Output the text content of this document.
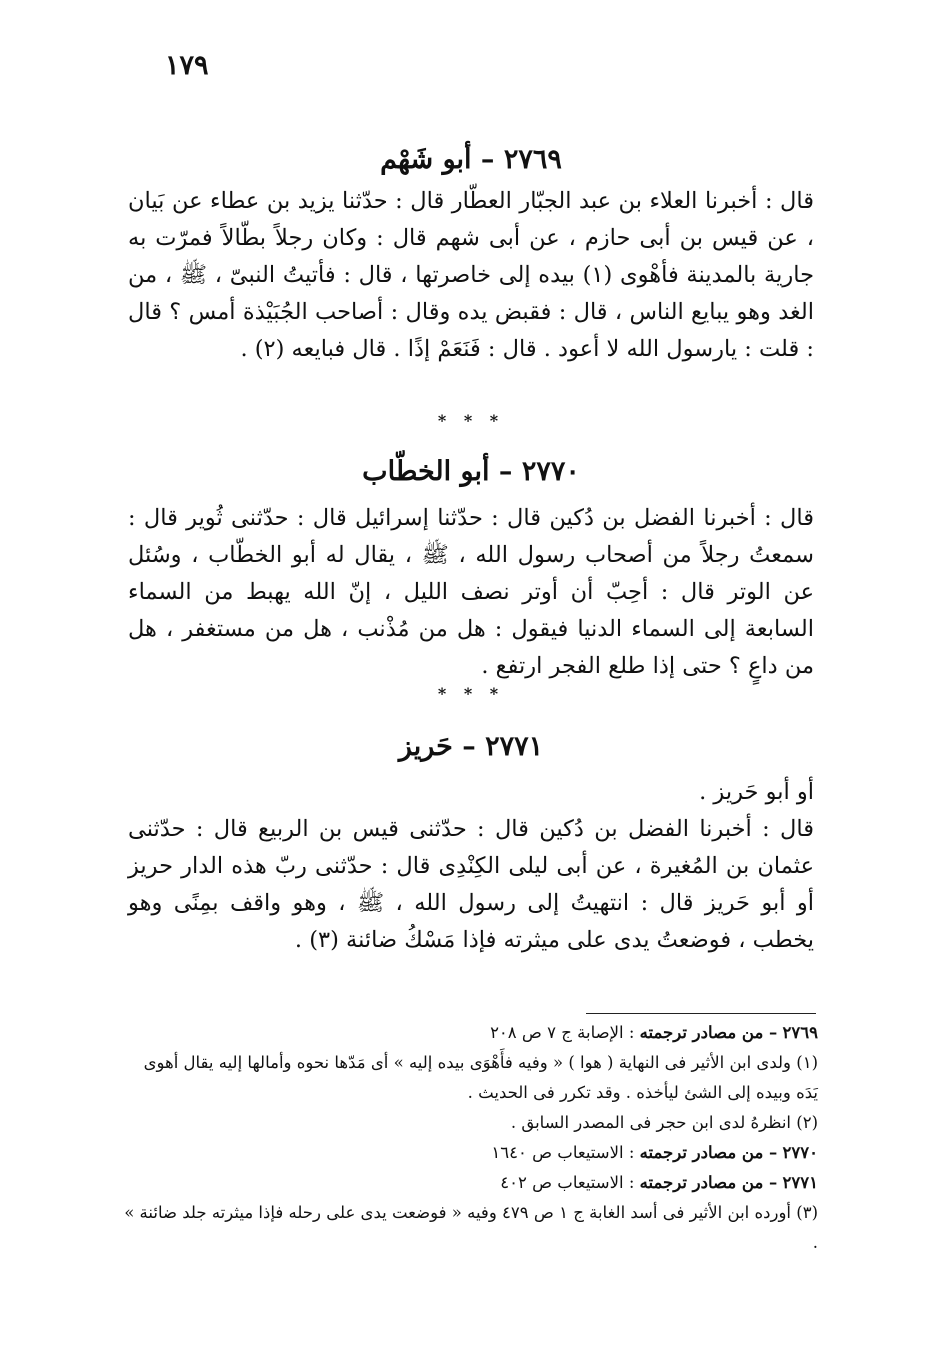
١٧٩
٢٧٦٩ – أبو شَهْم

قال : أخبرنا العلاء بن عبد الجبّار العطّار قال : حدّثنا يزيد بن عطاء عن بَيان ، عن قيس بن أبى حازم ، عن أبى شهم قال : وكان رجلاً بطّالاً فمرّت به جارية بالمدينة فأهْوى (١) بيده إلى خاصرتها ، قال : فأتيتُ النبىّ ، ﷺ ، من الغد وهو يبايع الناس ، قال : فقبض يده وقال : أصاحب الجُبَيْذة أمس ؟ قال : قلت : يارسول الله لا أعود . قال : فَنَعَمْ إذًا . قال فبايعه (٢) .

* * *
٢٧٧٠ – أبو الخطّاب

قال : أخبرنا الفضل بن دُكين قال : حدّثنا إسرائيل قال : حدّثنى ثُوير قال : سمعتُ رجلاً من أصحاب رسول الله ، ﷺ ، يقال له أبو الخطّاب ، وسُئل عن الوتر قال : أحِبّ أن أوتر نصف الليل ، إنّ الله يهبط من السماء السابعة إلى السماء الدنيا فيقول : هل من مُذْنب ، هل من مستغفر ، هل من داعٍ ؟ حتى إذا طلع الفجر ارتفع .

* * *
٢٧٧١ – حَريز

أو أبو حَريز .

قال : أخبرنا الفضل بن دُكين قال : حدّثنى قيس بن الربيع قال : حدّثنى عثمان بن المُغيرة ، عن أبى ليلى الكِنْدِى قال : حدّثنى ربّ هذه الدار حريز أو أبو حَريز قال : انتهيتُ إلى رسول الله ، ﷺ ، وهو واقف بمِنًى وهو يخطب ، فوضعتُ يدى على ميثرته فإذا مَسْكُ ضائنة (٣) .

٢٧٦٩ – من مصادر ترجمته : الإصابة ج ٧ ص ٢٠٨

(١) ولدى ابن الأثير فى النهاية ( هوا ) « وفيه فأَهْوَى بيده إليه » أى مَدّها نحوه وأمالها إليه يقال أهوى يَدَه وبيده إلى الشئ ليأخذه . وقد تكرر فى الحديث .

(٢) انظرهُ لدى ابن حجر فى المصدر السابق .

٢٧٧٠ – من مصادر ترجمته : الاستيعاب ص ١٦٤٠

٢٧٧١ – من مصادر ترجمته : الاستيعاب ص ٤٠٢

(٣) أورده ابن الأثير فى أسد الغابة ج ١ ص ٤٧٩ وفيه « فوضعت يدى على رحله فإذا ميثرته جلد ضائنة » .
